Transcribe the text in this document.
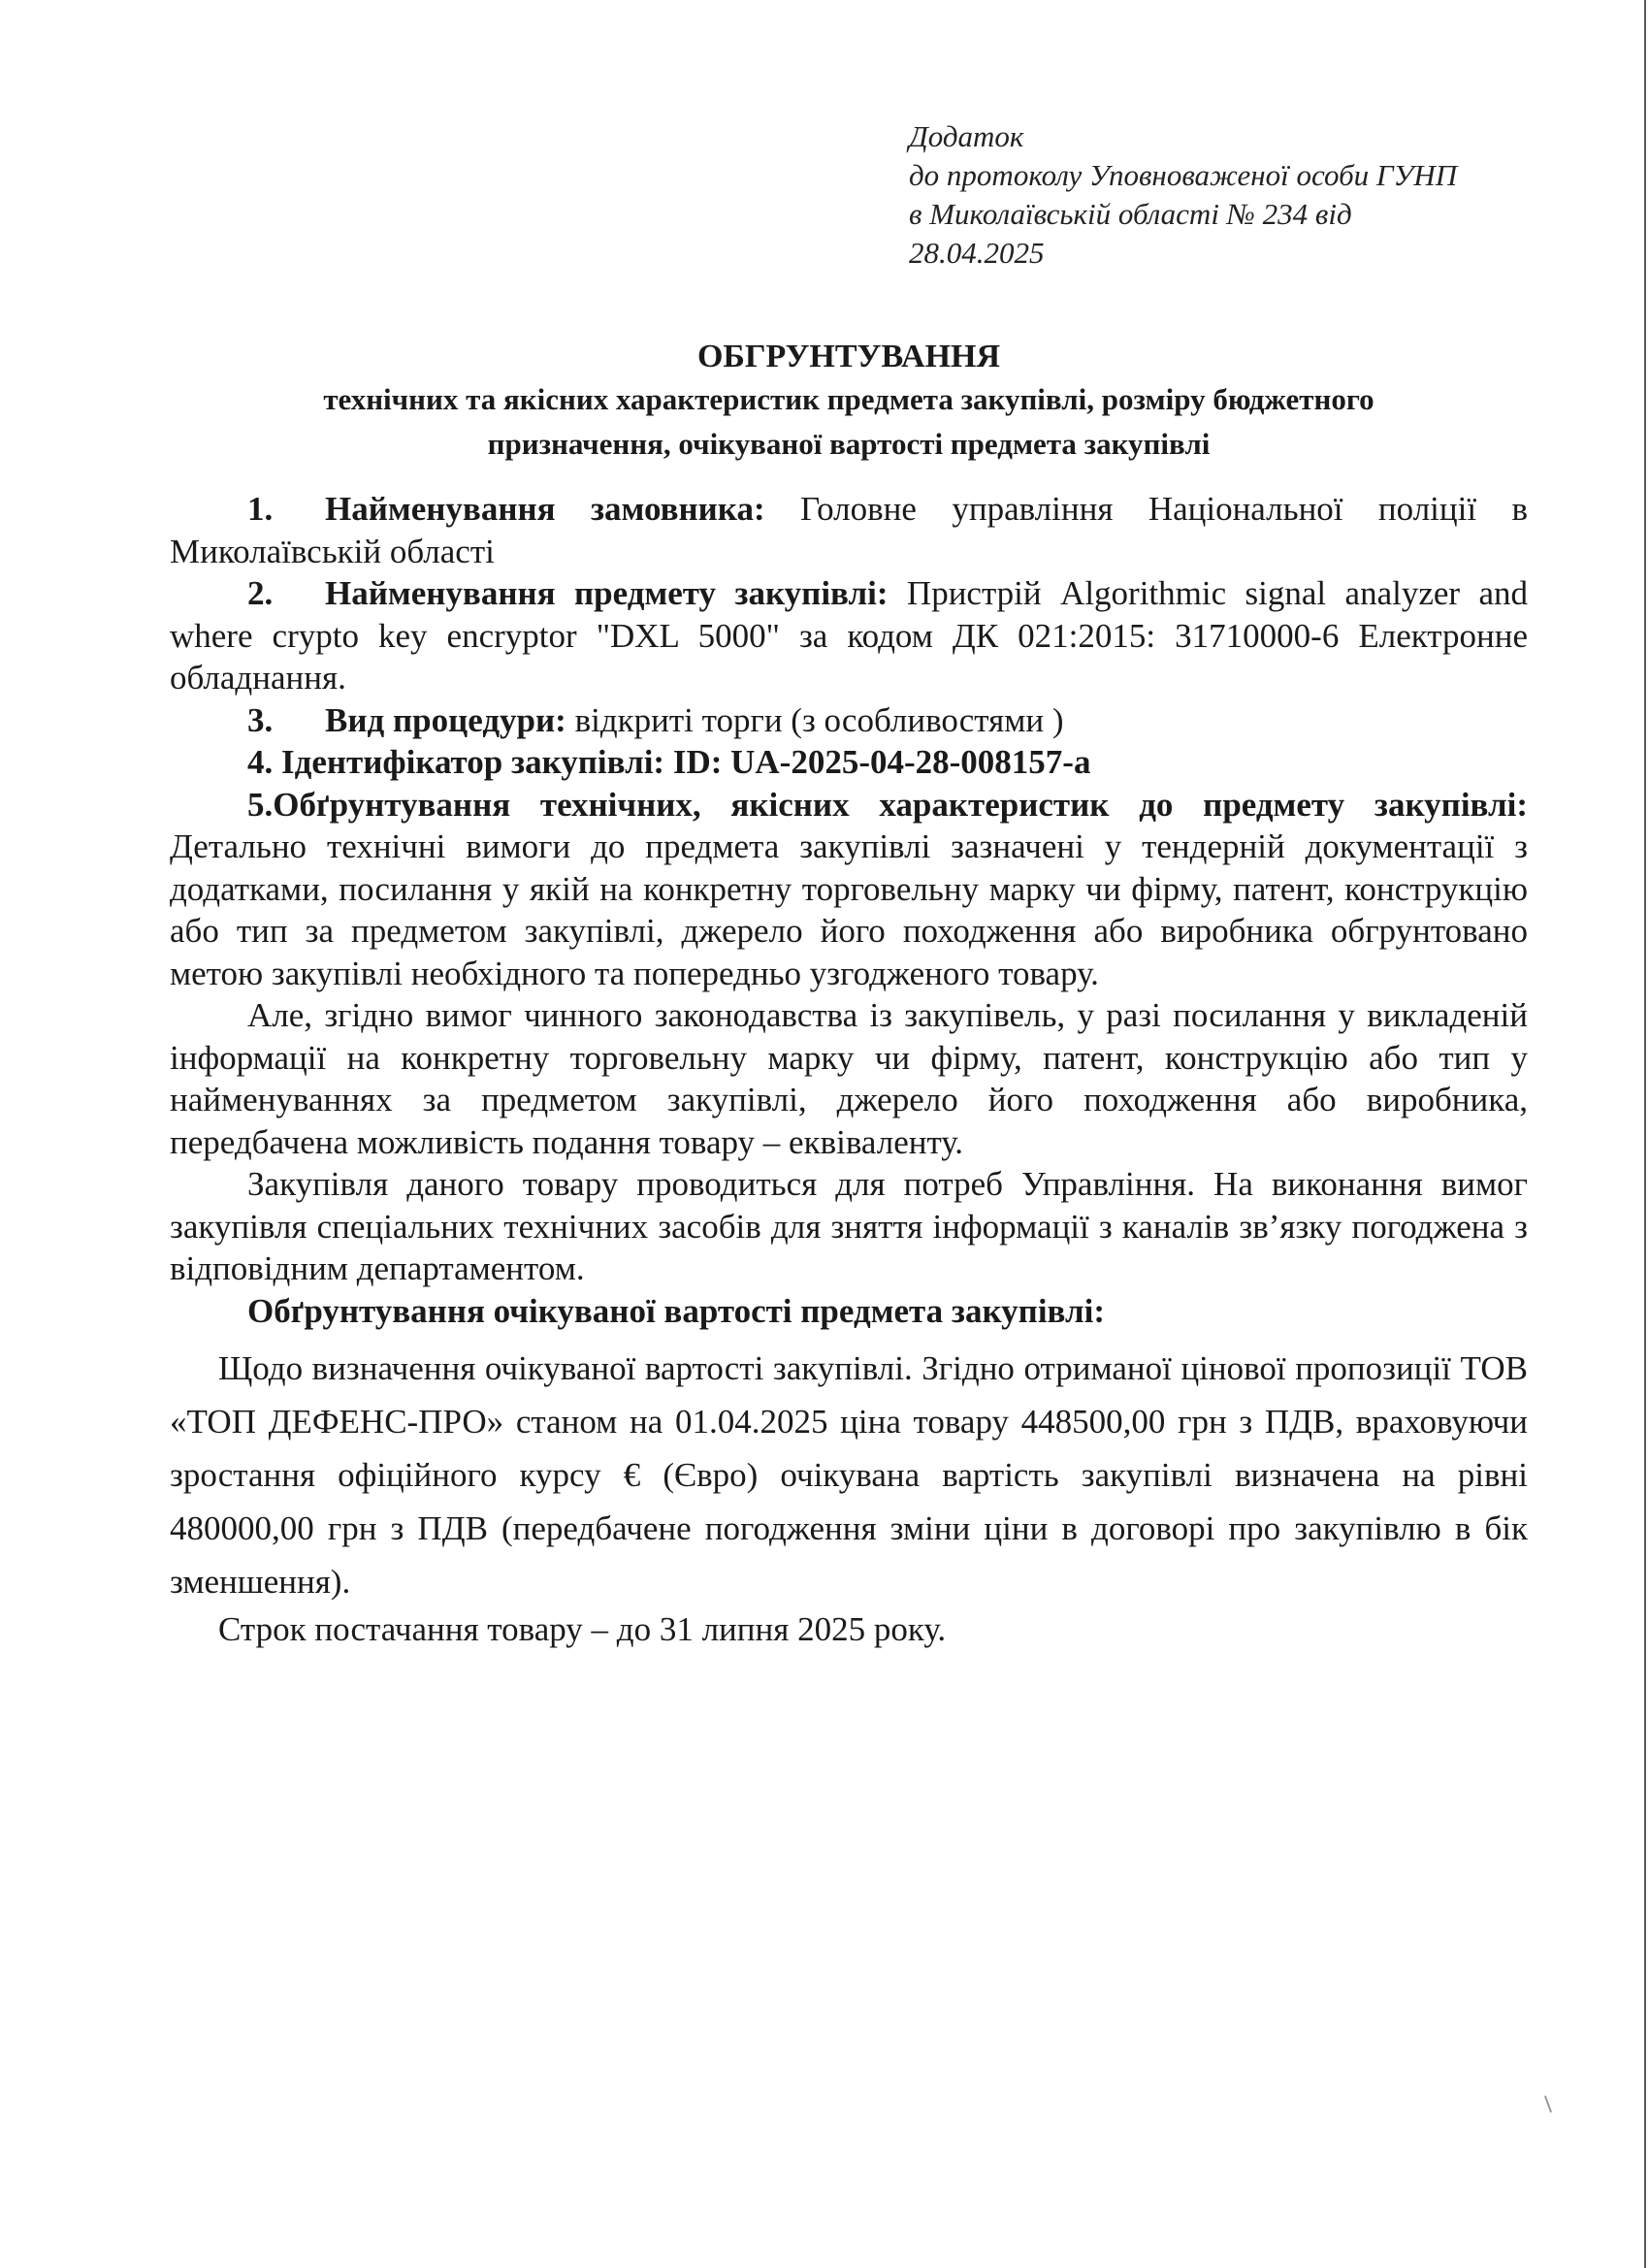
Додаток
до протоколу Уповноваженої особи ГУНП
в Миколаївській області № 234 від
28.04.2025
ОБГРУНТУВАННЯ
технічних та якісних характеристик предмета закупівлі, розміру бюджетного
призначення, очікуваної вартості предмета закупівлі

1. Найменування замовника: Головне управління Національної поліції в Миколаївській області

2. Найменування предмету закупівлі: Пристрій Algorithmic signal analyzer and where crypto key encryptor "DXL 5000" за кодом ДК 021:2015: 31710000-6 Електронне обладнання.

3. Вид процедури: відкриті торги (з особливостями )

4. Ідентифікатор закупівлі: ID: UA-2025-04-28-008157-a

5.Обґрунтування технічних, якісних характеристик до предмету закупівлі: Детально технічні вимоги до предмета закупівлі зазначені у тендерній документації з додатками, посилання у якій на конкретну торговельну марку чи фірму, патент, конструкцію або тип за предметом закупівлі, джерело його походження або виробника обгрунтовано метою закупівлі необхідного та попередньо узгодженого товару.

Але, згідно вимог чинного законодавства із закупівель, у разі посилання у викладеній інформації на конкретну торговельну марку чи фірму, патент, конструкцію або тип у найменуваннях за предметом закупівлі, джерело його походження або виробника, передбачена можливість подання товару – еквіваленту.

Закупівля даного товару проводиться для потреб Управління. На виконання вимог закупівля спеціальних технічних засобів для зняття інформації з каналів зв’язку погоджена з відповідним департаментом.

Обґрунтування очікуваної вартості предмета закупівлі:

Щодо визначення очікуваної вартості закупівлі. Згідно отриманої цінової пропозиції ТОВ «ТОП ДЕФЕНС-ПРО» станом на 01.04.2025 ціна товару 448500,00 грн з ПДВ, враховуючи зростання офіційного курсу € (Євро) очікувана вартість закупівлі визначена на рівні 480000,00 грн з ПДВ (передбачене погодження зміни ціни в договорі про закупівлю в бік зменшення).

Строк постачання товару – до 31 липня 2025 року.
